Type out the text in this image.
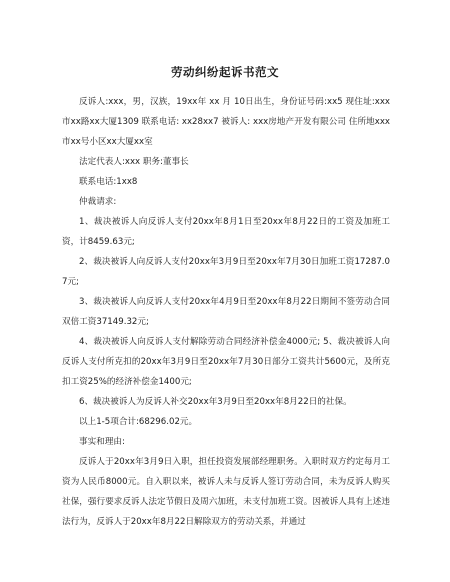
劳动纠纷起诉书范文

反诉人:xxx，男，汉族，19xx年 xx 月 10日出生，身份证号码:xx5 现住址:xxx市xx路xx大厦1309 联系电话: xx28xx7 被诉人: xxx房地产开发有限公司 住所地xxx市xx号小区xx大厦xx室

法定代表人:xxx 职务:董事长

联系电话:1xx8

仲裁请求:

1、裁决被诉人向反诉人支付20xx年8月1日至20xx年8月22日的工资及加班工资，计8459.63元;

2、裁决被诉人向反诉人支付20xx年3月9日至20xx年7月30日加班工资17287.07元;

3、裁决被诉人向反诉人支付20xx年4月9日至20xx年8月22日期间不签劳动合同双倍工资37149.32元;

4、裁决被诉人向反诉人支付解除劳动合同经济补偿金4000元; 5、裁决被诉人向反诉人支付所克扣的20xx年3月9日至20xx年7月30日部分工资共计5600元，及所克扣工资25%的经济补偿金1400元;

6、裁决被诉人为反诉人补交20xx年3月9日至20xx年8月22日的社保。

以上1-5项合计:68296.02元。

事实和理由:

反诉人于20xx年3月9日入职，担任投资发展部经理职务。入职时双方约定每月工资为人民币8000元。自入职以来，被诉人未与反诉人签订劳动合同，未为反诉人购买社保，强行要求反诉人法定节假日及周六加班，未支付加班工资。因被诉人具有上述违法行为，反诉人于20xx年8月22日解除双方的劳动关系，并通过
